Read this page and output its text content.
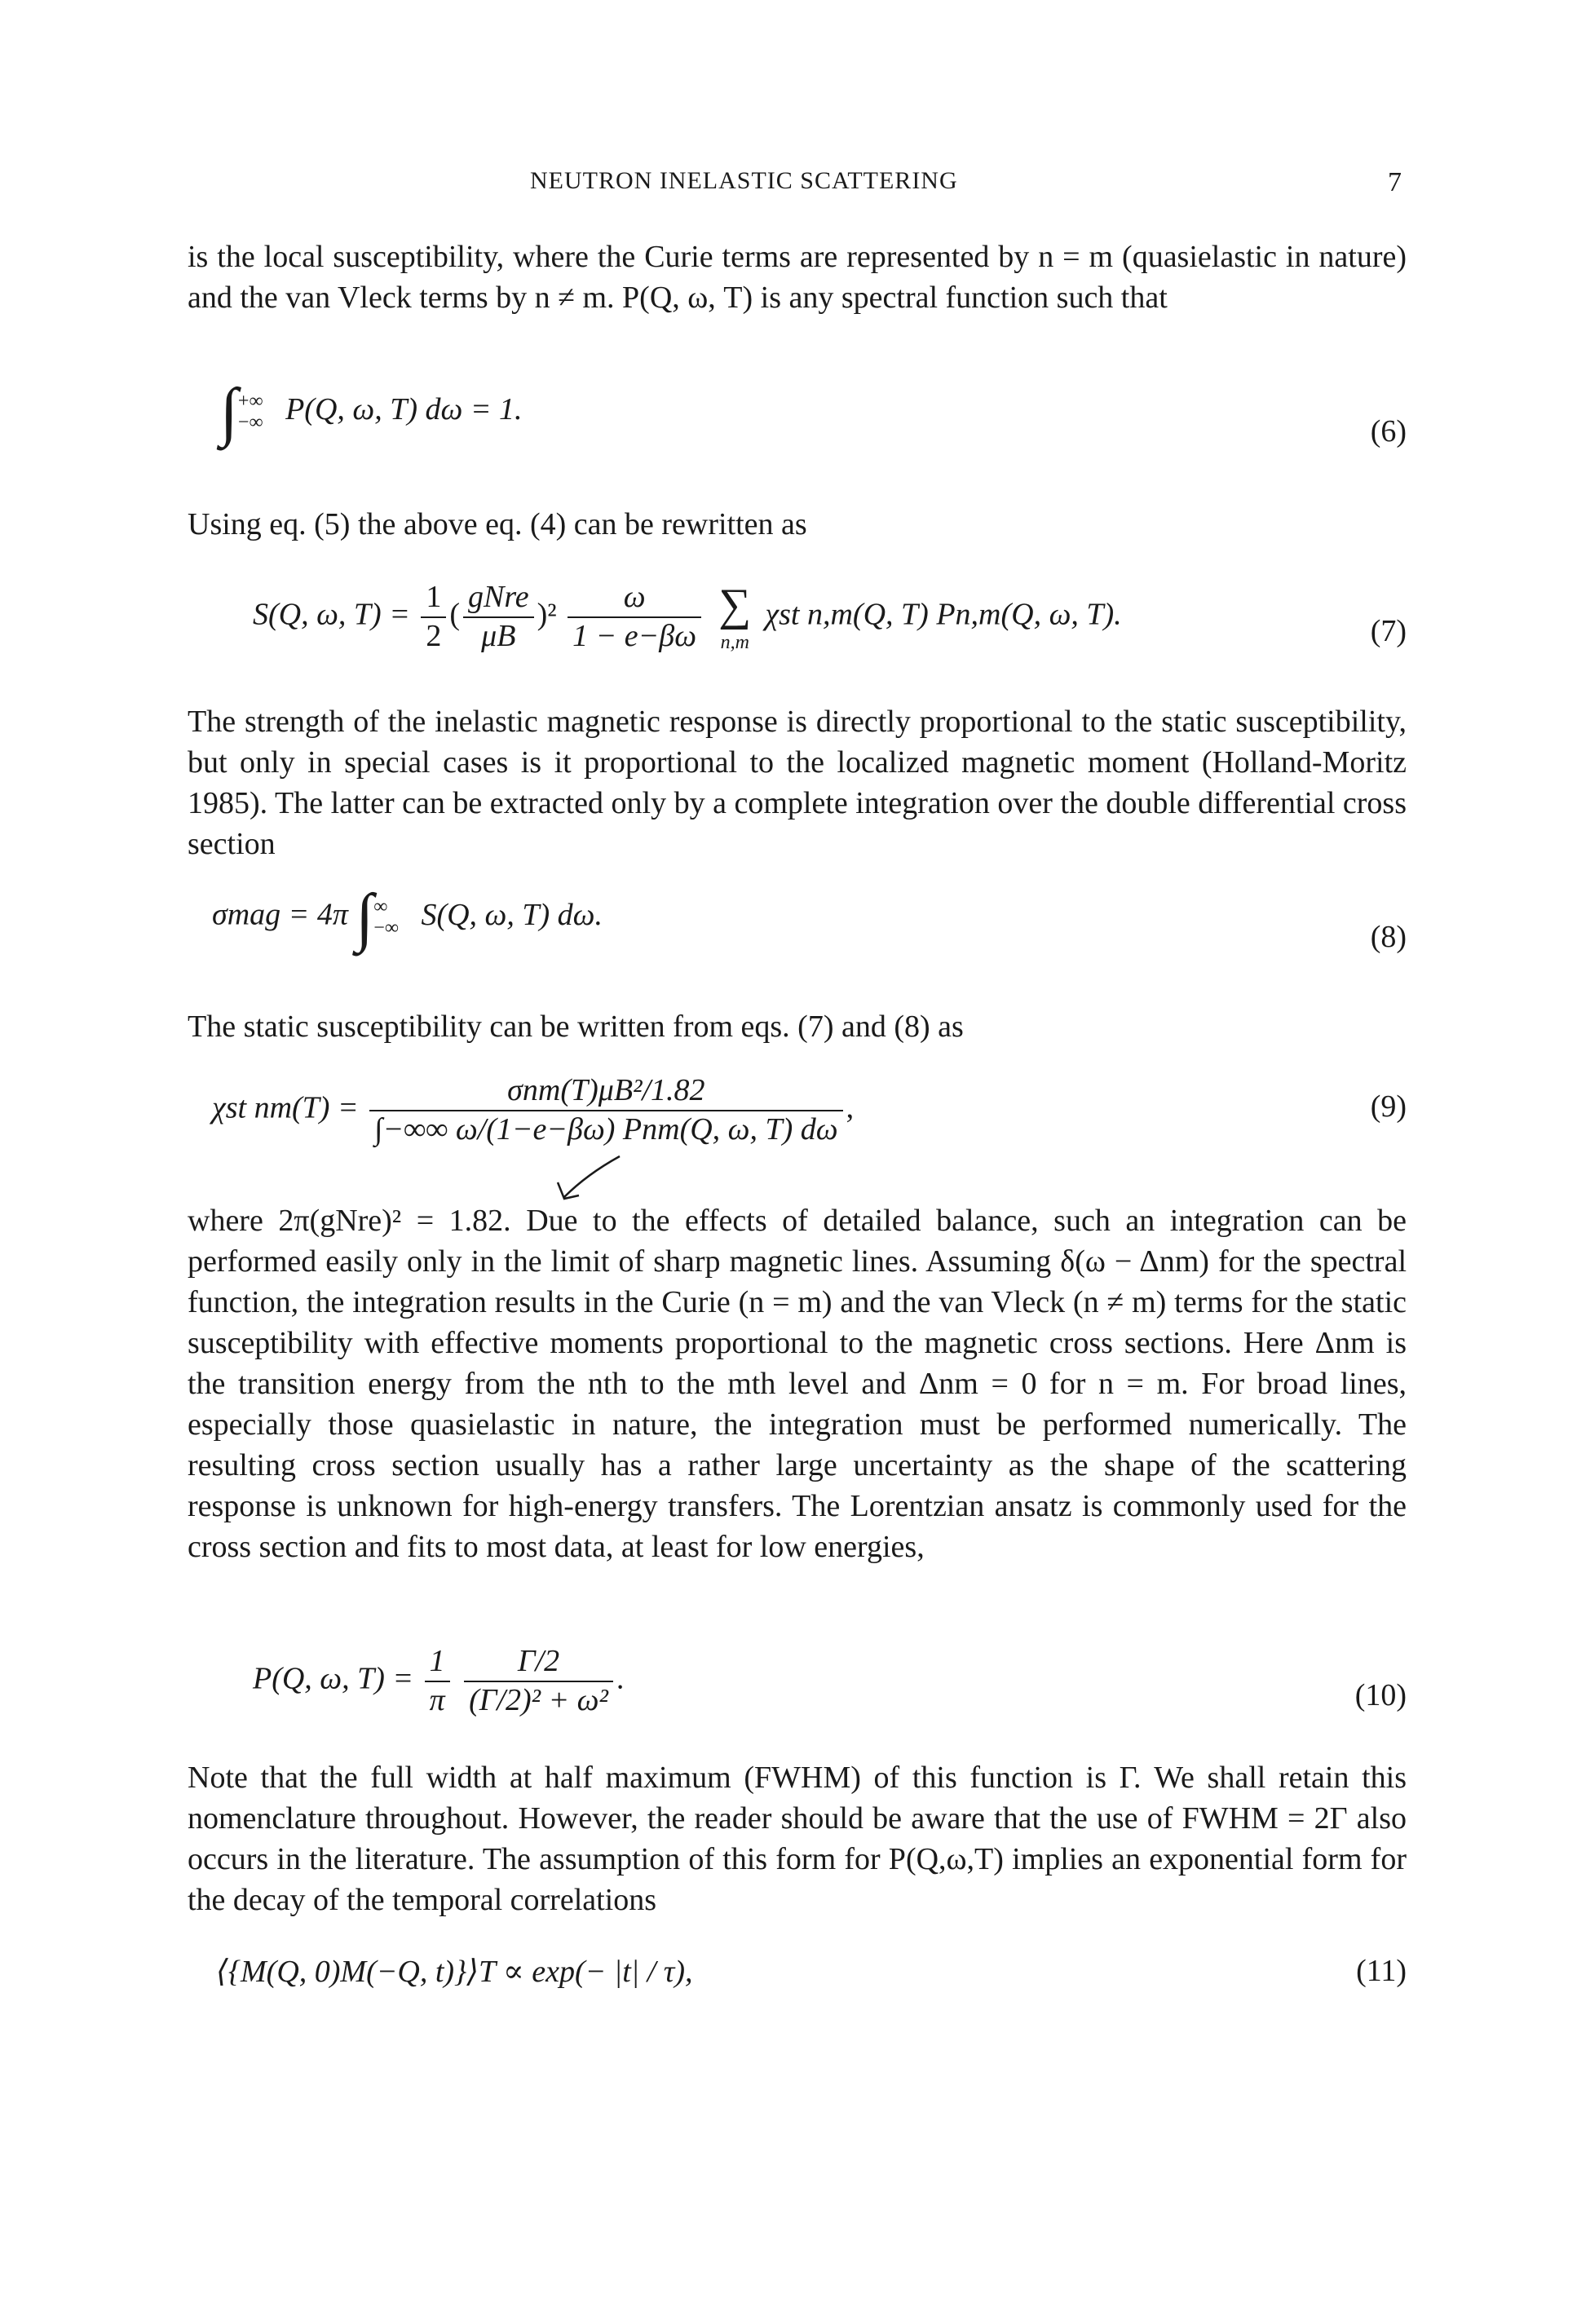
NEUTRON INELASTIC SCATTERING	7

is the local susceptibility, where the Curie terms are represented by n = m (quasielastic in nature) and the van Vleck terms by n ≠ m. P(Q, ω, T) is any spectral function such that

∫+∞
−∞ P(Q, ω, T) dω = 1.
(6)

Using eq. (5) the above eq. (4) can be rewritten as

S(Q, ω, $T) = \frac{1}{2}$ ( $\frac{\text{gNre}}{\mu B} )^2 \frac{\omega}{1 - e-\beta\omega}$ ∑
n,m
χst n,m(Q, T) Pn,m(Q, ω, T).	(7)

The strength of the inelastic magnetic response is directly proportional to the static susceptibility, but only in special cases is it proportional to the localized magnetic moment (Holland-Moritz 1985). The latter can be extracted only by a complete integration over the double differential cross section

σmag = 4π ∫∞
−∞ S(Q, ω, T) dω.
(8)

The static susceptibility can be written from eqs. (7) and (8) as

χst $nm(T) = \frac{\text{σnm(T)μB²/1.82}}{\text{∫−∞∞ ω/(1−e−βω) Pnm(Q, ω, T) dω}}$ ,	(9)

where 2π(gNre)² = 1.82. Due to the effects of detailed balance, such an integration can be performed easily only in the limit of sharp magnetic lines. Assuming δ(ω − Δnm) for the spectral function, the integration results in the Curie (n = m) and the van Vleck (n ≠ m) terms for the static susceptibility with effective moments proportional to the magnetic cross sections. Here Δnm is the transition energy from the nth to the mth level and Δnm = 0 for n = m. For broad lines, especially those quasielastic in nature, the integration must be performed numerically. The resulting cross section usually has a rather large uncertainty as the shape of the scattering response is unknown for high-energy transfers. The Lorentzian ansatz is commonly used for the cross section and fits to most data, at least for low energies,

P(Q, ω, $T) = \frac{1}{\pi}$
$\frac{\Gamma/2}{\text{(Γ/2)² + ω²}}$ .	(10)

Note that the full width at half maximum (FWHM) of this function is Γ. We shall retain this nomenclature throughout. However, the reader should be aware that the use of FWHM = 2Γ also occurs in the literature. The assumption of this form for P(Q,ω,T) implies an exponential form for the decay of the temporal correlations

⟨{M(Q, 0)M(−Q, t)}⟩T ∝ exp(− |t| / τ),	(11)
